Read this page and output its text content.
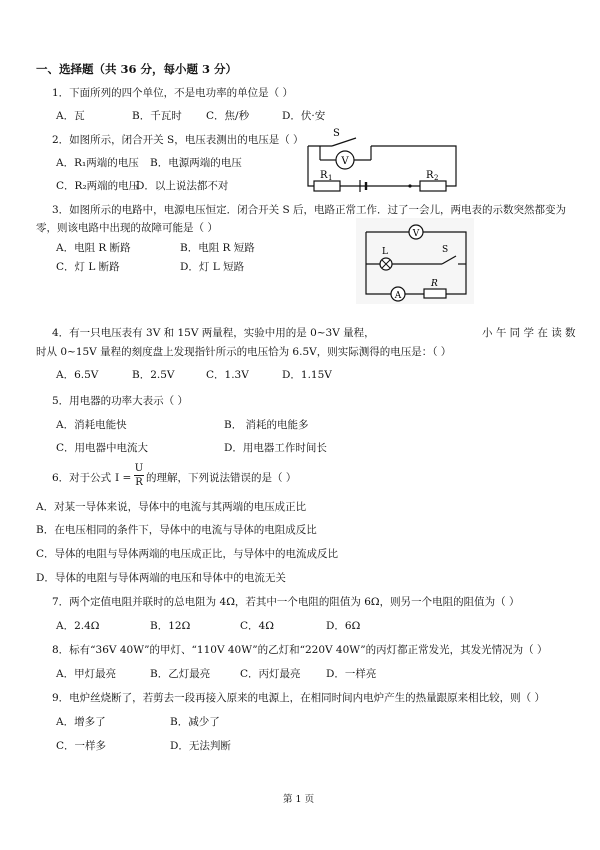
一、选择题（共 36 分，每小题 3 分）
1．下面所列的四个单位，不是电功率的单位是（ ）
A．瓦	B．千瓦时 C．焦/秒	D．伏·安
2．如图所示，闭合开关 S，电压表测出的电压是（ ）
A．R₁两端的电压 B．电源两端的电压
C．R₂两端的电压
D．以上说法都不对
V
S
R 1	R 2
3．如图所示的电路中，电源电压恒定．闭合开关 S 后，电路正常工作．过了一会儿，两电表的示数突然都变为
零，则该电路中出现的故障可能是（ ）
A．电阻 R 断路	B．电阻 R 短路
C．灯 L 断路	D．灯 L 短路
V
L	S
A
R
4．有一只电压表有 3V 和 15V 两量程，实验中用的是 0~3V 量程，	小 午 同 学 在 读 数
时从 0~15V 量程的刻度盘上发现指针所示的电压恰为 6.5V，则实际测得的电压是：（ ）
A．6.5V	B．2.5V	C．1.3V	D．1.15V
5．用电器的功率大表示（ ）
A．消耗电能快	B． 消耗的电能多
C．用电器中电流大	D．用电器工作时间长
6．对于公式 I =
U
R 的理解，下列说法错误的是（ ）
A．对某一导体来说，导体中的电流与其两端的电压成正比
B．在电压相同的条件下，导体中的电流与导体的电阻成反比
C．导体的电阻与导体两端的电压成正比，与导体中的电流成反比
D．导体的电阻与导体两端的电压和导体中的电流无关
7．两个定值电阻并联时的总电阻为 4Ω，若其中一个电阻的阻值为 6Ω，则另一个电阻的阻值为（ ）
A．2.4Ω	B．12Ω	C．4Ω	D．6Ω
8．标有“36V 40W”的甲灯、“110V 40W”的乙灯和“220V 40W”的丙灯都正常发光，其发光情况为（ ）
A．甲灯最亮	B．乙灯最亮	C．丙灯最亮 D．一样亮
9．电炉丝烧断了，若剪去一段再接入原来的电源上，在相同时间内电炉产生的热量跟原来相比较，则（ ）
A．增多了	B．减少了
C．一样多	D．无法判断
第 1 页
